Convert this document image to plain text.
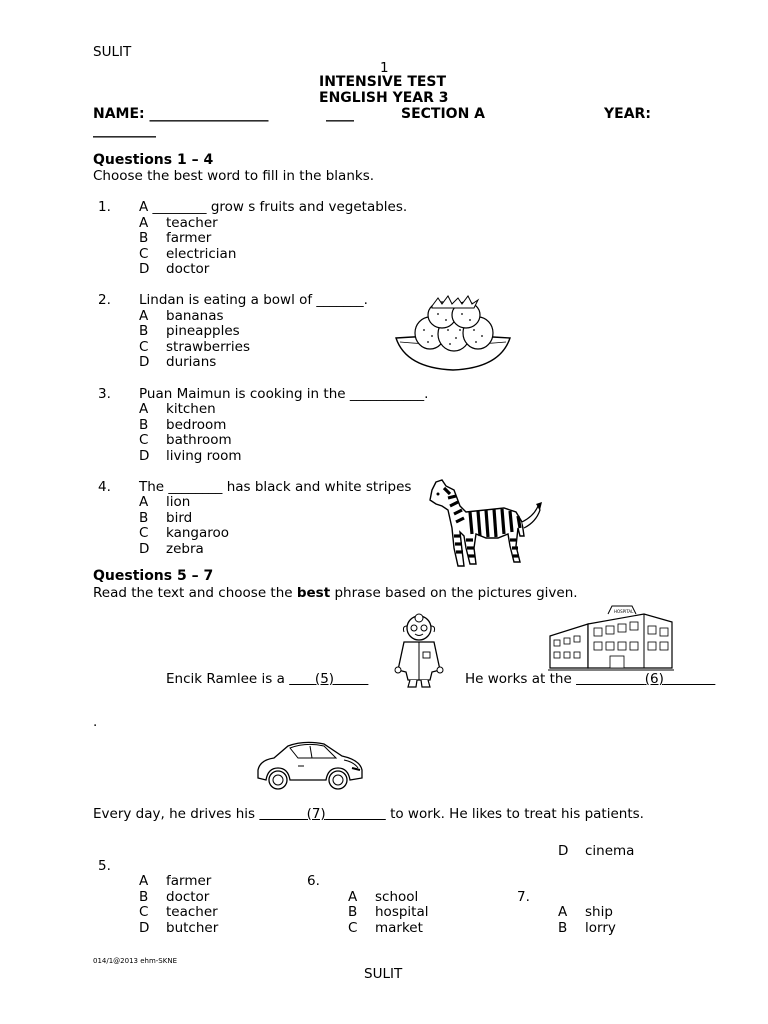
SULIT
1
INTENSIVE TEST
ENGLISH YEAR 3
NAME: _________________	____	SECTION A	YEAR:
_________
Questions 1 – 4
Choose the best word to fill in the blanks.
1. A ________ grow s fruits and vegetables.
A teacher
B farmer
C electrician
D doctor
2. Lindan is eating a bowl of _______.
A bananas
B pineapples
C strawberries
D durians
3. Puan Maimun is cooking in the ___________.
A kitchen
B bedroom
C bathroom
D living room
4. The ________ has black and white stripes
A lion
B bird
C kangaroo
D zebra
Questions 5 – 7
Read the text and choose the best phrase based on the pictures given.
HOSPITAL
Encik Ramlee is a       (5)	He works at the	(6)
.
Every day, he drives his	(7)	to work. He likes to treat his patients.
D cinema
5.
A farmer
B doctor
C teacher
D butcher
6.
A school
B hospital
C market
7.
A ship
B lorry
014/1@2013 ehm-SKNE
SULIT
